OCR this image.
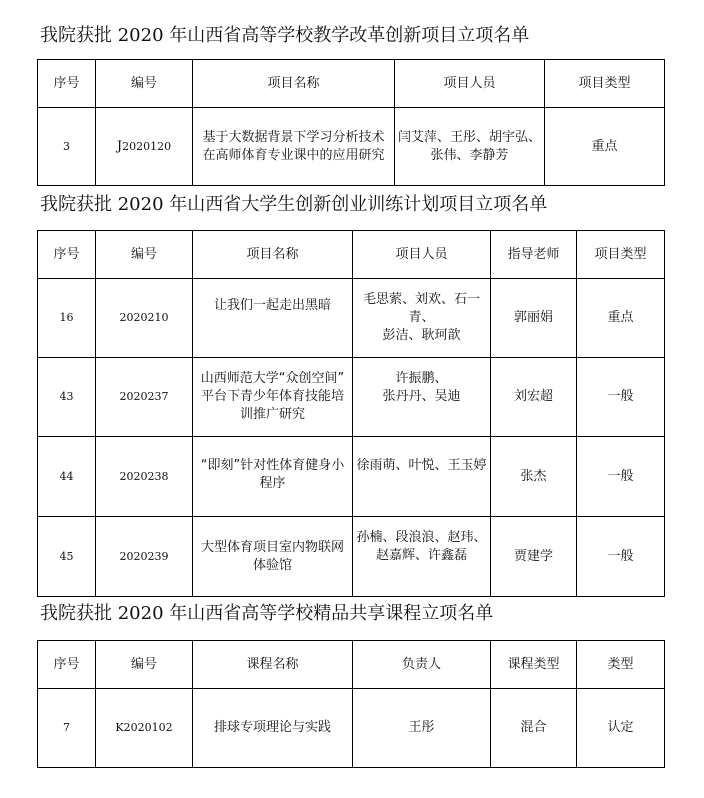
我院获批 2020 年山西省高等学校教学改革创新项目立项名单
序号	编号	项目名称	项目人员	项目类型
3	J2020120	基于大数据背景下学习分析技术
在高师体育专业课中的应用研究	闫艾萍、王彤、胡宇弘、
张伟、李静芳	重点
我院获批 2020 年山西省大学生创新创业训练计划项目立项名单
序号	编号	项目名称	项目人员	指导老师	项目类型
16	2020210	让我们一起走出黑暗	毛思萦、刘欢、石一青、
彭洁、耿珂歆	郭丽娟	重点
43	2020237	山西师范大学“众创空间”
平台下青少年体育技能培
训推广研究	许振鹏、
张丹丹、吴迪	刘宏超	一般
44	2020238	“即刻”针对性体育健身小
程序	徐雨萌、叶悦、王玉婷	张杰	一般
45	2020239	大型体育项目室内物联网
体验馆	孙楠、段浪浪、赵玮、
赵嘉辉、许鑫磊	贾建学	一般
我院获批 2020 年山西省高等学校精品共享课程立项名单
序号	编号	课程名称	负责人	课程类型	类型
7	K2020102	排球专项理论与实践	王彤	混合	认定
